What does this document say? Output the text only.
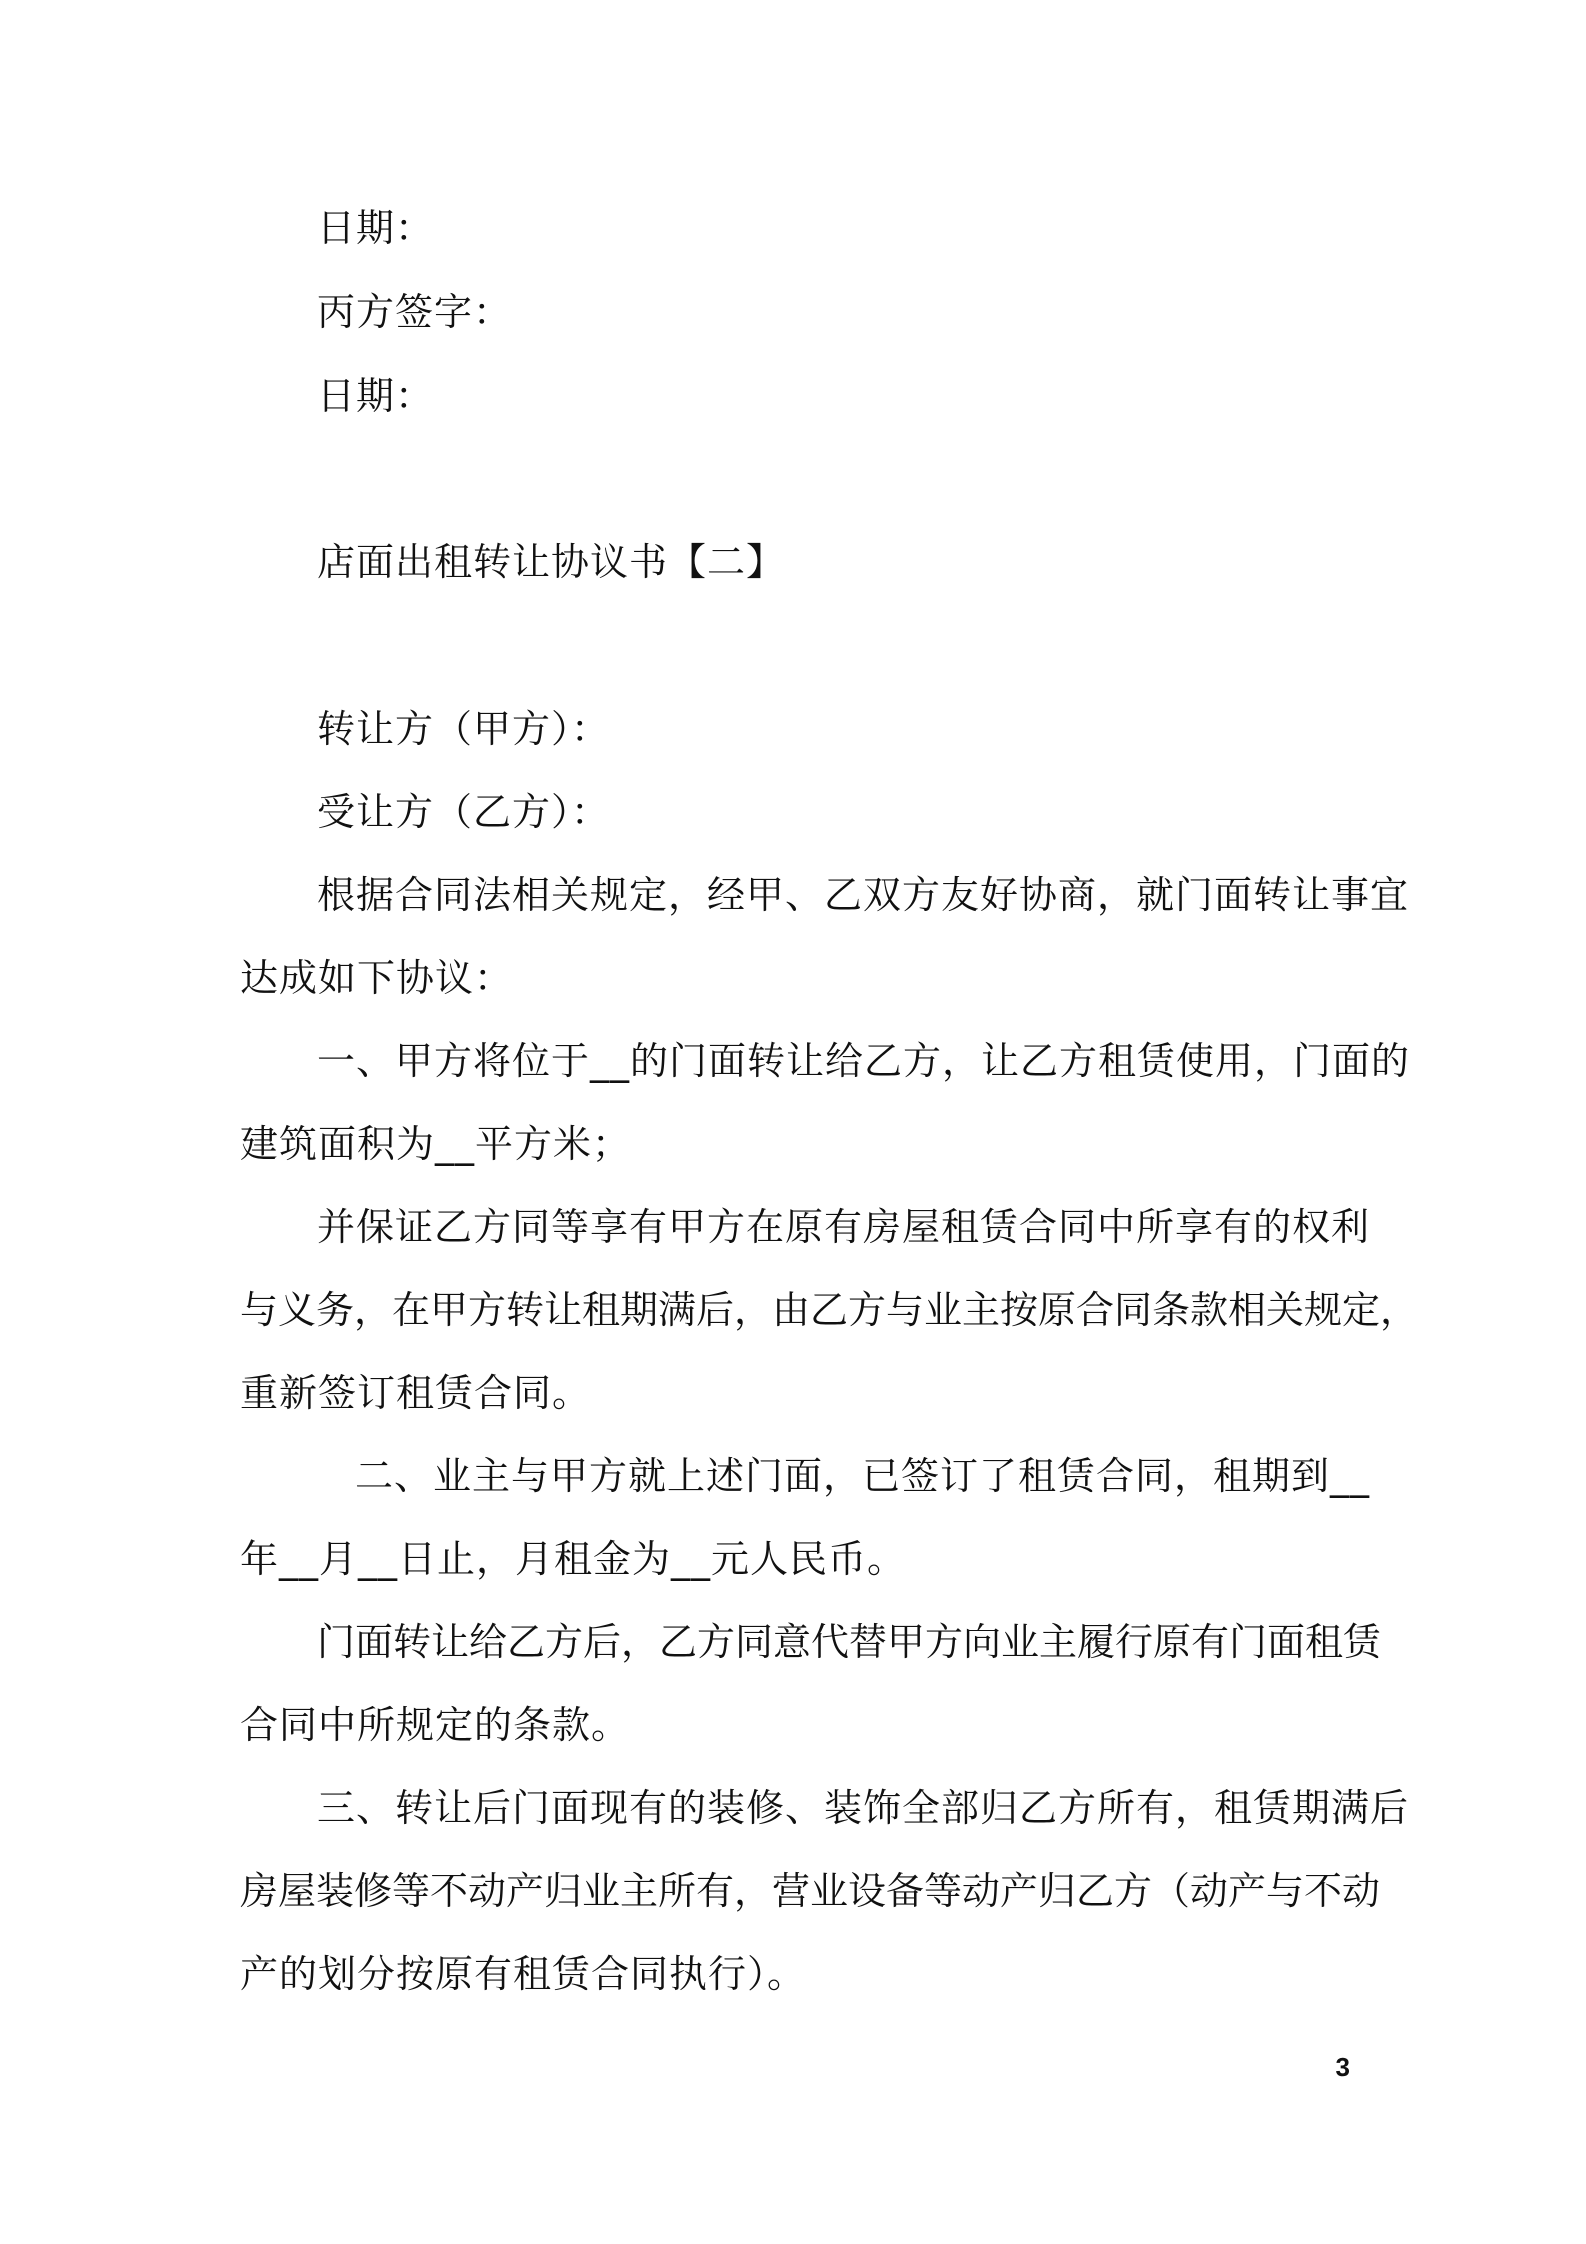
日期：

丙方签字：

日期：

店面出租转让协议书【二】

转让方（甲方）：

受让方（乙方）：

根据合同法相关规定，经甲、乙双方友好协商，就门面转让事宜

达成如下协议：

一、甲方将位于__的门面转让给乙方，让乙方租赁使用，门面的

建筑面积为__平方米；

并保证乙方同等享有甲方在原有房屋租赁合同中所享有的权利

与义务，在甲方转让租期满后，由乙方与业主按原合同条款相关规定，

重新签订租赁合同。

二、业主与甲方就上述门面，已签订了租赁合同，租期到__

年__月__日止，月租金为__元人民币。

门面转让给乙方后，乙方同意代替甲方向业主履行原有门面租赁

合同中所规定的条款。

三、转让后门面现有的装修、装饰全部归乙方所有，租赁期满后

房屋装修等不动产归业主所有，营业设备等动产归乙方（动产与不动

产的划分按原有租赁合同执行）。

3
